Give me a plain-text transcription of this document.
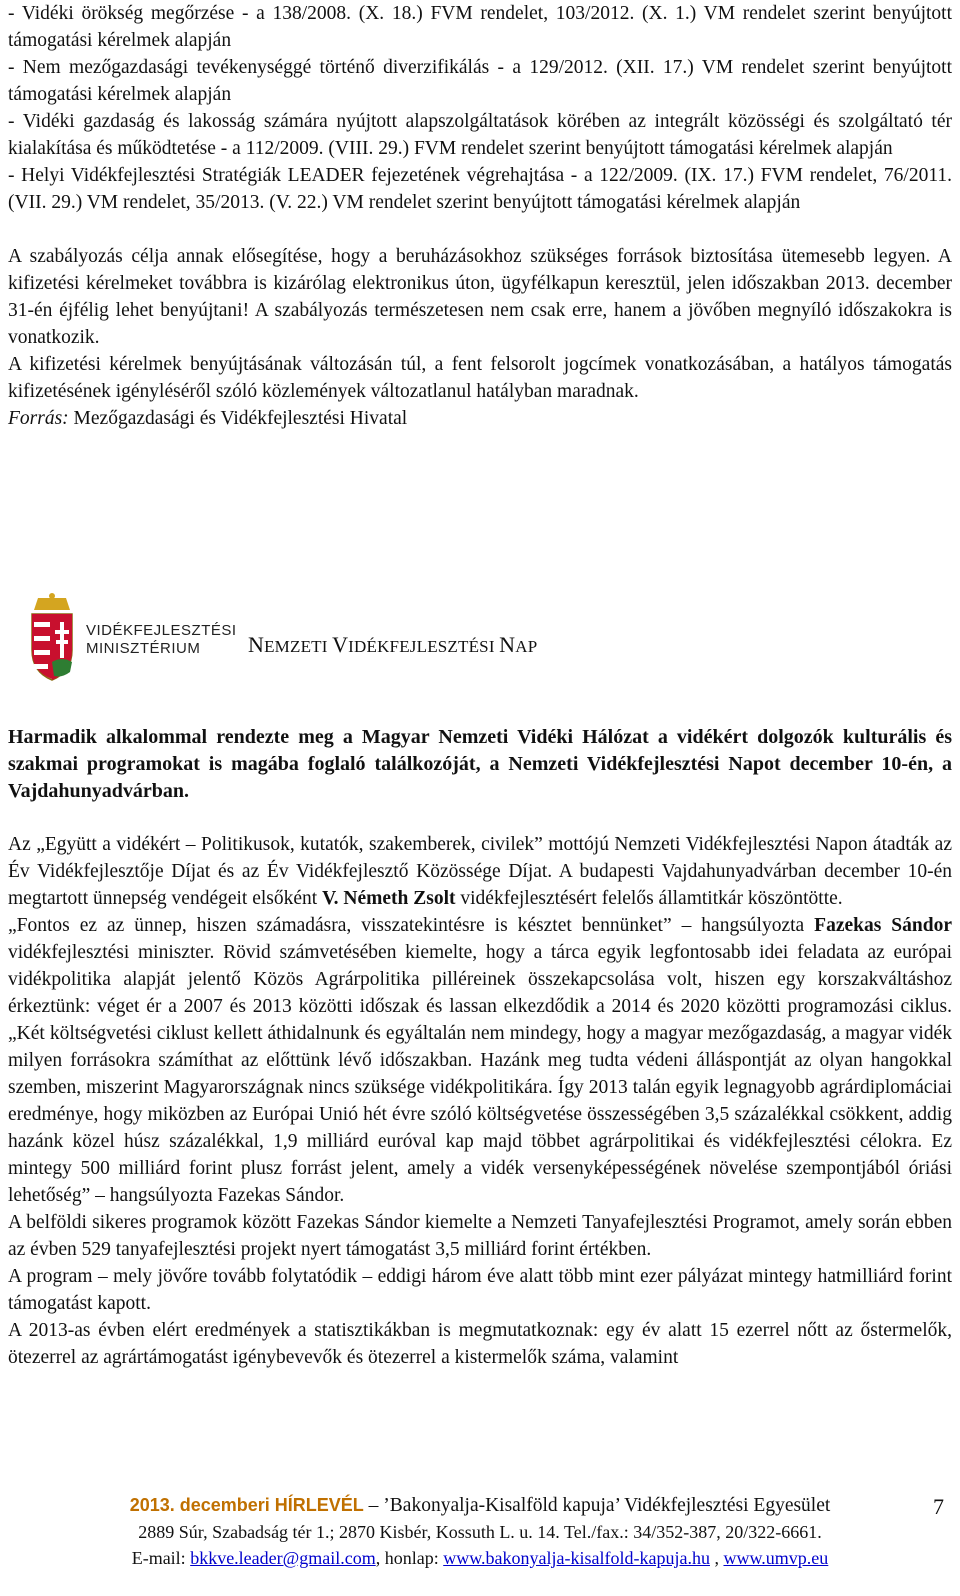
- Vidéki örökség megőrzése - a 138/2008. (X. 18.) FVM rendelet, 103/2012. (X. 1.) VM rendelet szerint benyújtott támogatási kérelmek alapján

- Nem mezőgazdasági tevékenységgé történő diverzifikálás - a 129/2012. (XII. 17.) VM rendelet szerint benyújtott támogatási kérelmek alapján

- Vidéki gazdaság és lakosság számára nyújtott alapszolgáltatások körében az integrált közösségi és szolgáltató tér kialakítása és működtetése - a 112/2009. (VIII. 29.) FVM rendelet szerint benyújtott támogatási kérelmek alapján

- Helyi Vidékfejlesztési Stratégiák LEADER fejezetének végrehajtása - a 122/2009. (IX. 17.) FVM rendelet, 76/2011. (VII. 29.) VM rendelet, 35/2013. (V. 22.) VM rendelet szerint benyújtott támogatási kérelmek alapján

A szabályozás célja annak elősegítése, hogy a beruházásokhoz szükséges források biztosítása ütemesebb legyen. A kifizetési kérelmeket továbbra is kizárólag elektronikus úton, ügyfélkapun keresztül, jelen időszakban 2013. december 31-én éjfélig lehet benyújtani! A szabályozás természetesen nem csak erre, hanem a jövőben megnyíló időszakokra is vonatkozik.

A kifizetési kérelmek benyújtásának változásán túl, a fent felsorolt jogcímek vonatkozásában, a hatályos támogatás kifizetésének igényléséről szóló közlemények változatlanul hatályban maradnak.

Forrás: Mezőgazdasági és Vidékfejlesztési Hivatal

VIDÉKFEJLESZTÉSI
MINISZTÉRIUM	NEMZETI VIDÉKFEJLESZTÉSI NAP

Harmadik alkalommal rendezte meg a Magyar Nemzeti Vidéki Hálózat a vidékért dolgozók kulturális és szakmai programokat is magába foglaló találkozóját, a Nemzeti Vidékfejlesztési Napot december 10-én, a Vajdahunyadvárban.

Az „Együtt a vidékért – Politikusok, kutatók, szakemberek, civilek” mottójú Nemzeti Vidékfejlesztési Napon átadták az Év Vidékfejlesztője Díjat és az Év Vidékfejlesztő Közössége Díjat. A budapesti Vajdahunyadvárban december 10-én megtartott ünnepség vendégeit elsőként V. Németh Zsolt vidékfejlesztésért felelős államtitkár köszöntötte.

„Fontos ez az ünnep, hiszen számadásra, visszatekintésre is késztet bennünket” – hangsúlyozta Fazekas Sándor vidékfejlesztési miniszter. Rövid számvetésében kiemelte, hogy a tárca egyik legfontosabb idei feladata az európai vidékpolitika alapját jelentő Közös Agrárpolitika pilléreinek összekapcsolása volt, hiszen egy korszakváltáshoz érkeztünk: véget ér a 2007 és 2013 közötti időszak és lassan elkezdődik a 2014 és 2020 közötti programozási ciklus. „Két költségvetési ciklust kellett áthidalnunk és egyáltalán nem mindegy, hogy a magyar mezőgazdaság, a magyar vidék milyen forrásokra számíthat az előttünk lévő időszakban. Hazánk meg tudta védeni álláspontját az olyan hangokkal szemben, miszerint Magyarországnak nincs szüksége vidékpolitikára. Így 2013 talán egyik legnagyobb agrárdiplomáciai eredménye, hogy miközben az Európai Unió hét évre szóló költségvetése összességében 3,5 százalékkal csökkent, addig hazánk közel húsz százalékkal, 1,9 milliárd euróval kap majd többet agrárpolitikai és vidékfejlesztési célokra. Ez mintegy 500 milliárd forint plusz forrást jelent, amely a vidék versenyképességének növelése szempontjából óriási lehetőség” – hangsúlyozta Fazekas Sándor.

A belföldi sikeres programok között Fazekas Sándor kiemelte a Nemzeti Tanyafejlesztési Programot, amely során ebben az évben 529 tanyafejlesztési projekt nyert támogatást 3,5 milliárd forint értékben.

A program – mely jövőre tovább folytatódik – eddigi három éve alatt több mint ezer pályázat mintegy hatmilliárd forint támogatást kapott.

A 2013-as évben elért eredmények a statisztikákban is megmutatkoznak: egy év alatt 15 ezerrel nőtt az őstermelők, ötezerrel az agrártámogatást igénybevevők és ötezerrel a kistermelők száma, valamint

2013. decemberi HÍRLEVÉL – ’Bakonyalja-Kisalföld kapuja’ Vidékfejlesztési Egyesület
2889 Súr, Szabadság tér 1.; 2870 Kisbér, Kossuth L. u. 14. Tel./fax.: 34/352-387, 20/322-6661.
E-mail: bkkve.leader@gmail.com, honlap: www.bakonyalja-kisalfold-kapuja.hu , www.umvp.eu
7
